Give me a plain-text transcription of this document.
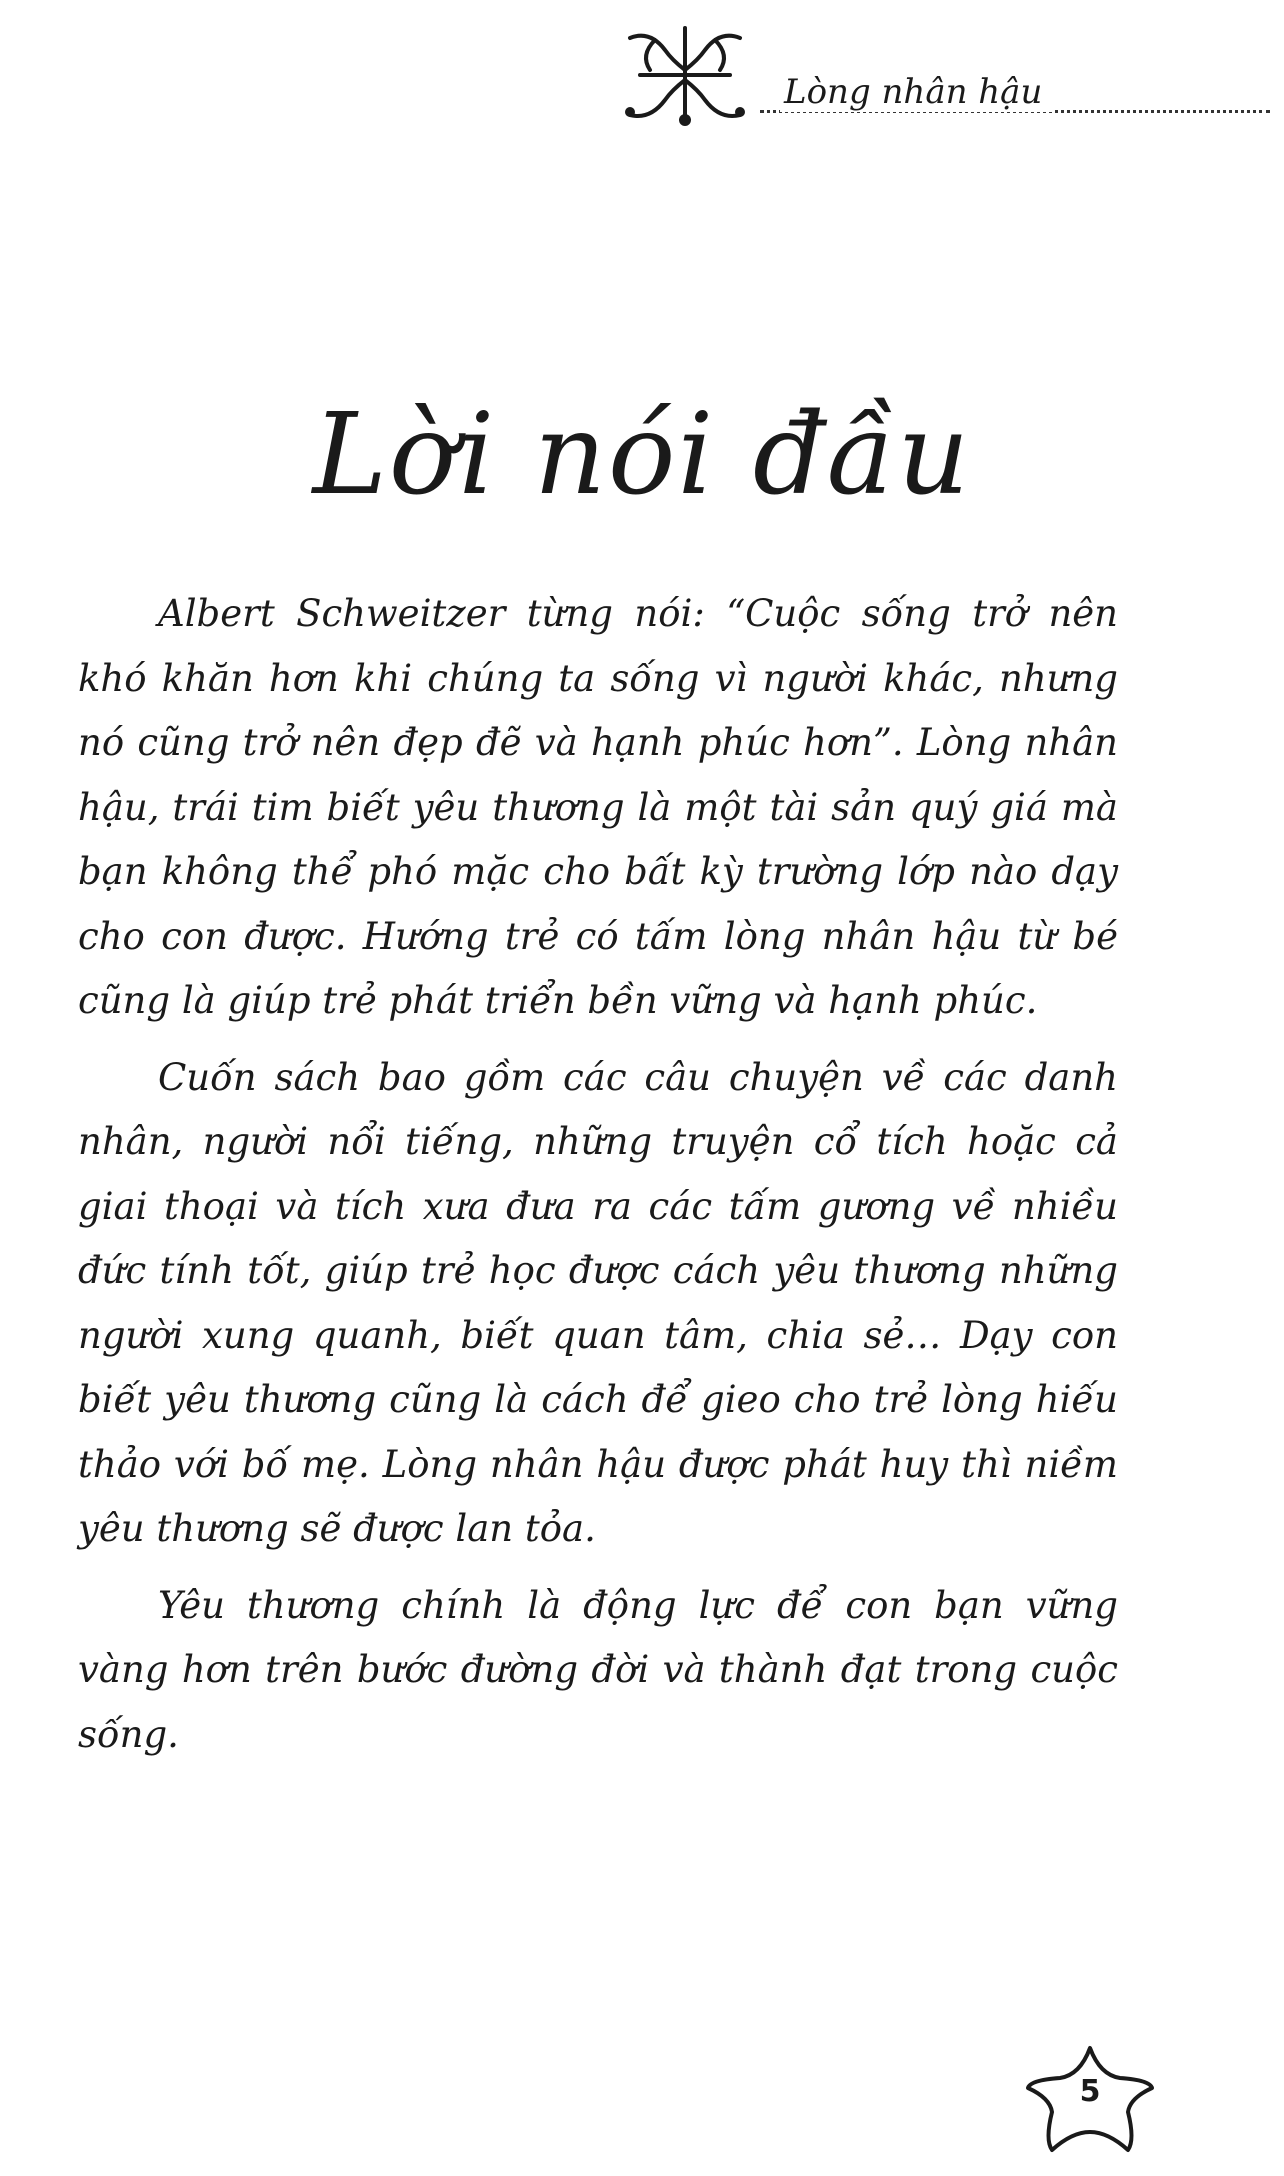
Lòng nhân hậu
Lời nói đầu

Albert Schweitzer từng nói: “Cuộc sống trở nên khó khăn hơn khi chúng ta sống vì người khác, nhưng nó cũng trở nên đẹp đẽ và hạnh phúc hơn”. Lòng nhân hậu, trái tim biết yêu thương là một tài sản quý giá mà bạn không thể phó mặc cho bất kỳ trường lớp nào dạy cho con được. Hướng trẻ có tấm lòng nhân hậu từ bé cũng là giúp trẻ phát triển bền vững và hạnh phúc.

Cuốn sách bao gồm các câu chuyện về các danh nhân, người nổi tiếng, những truyện cổ tích hoặc cả giai thoại và tích xưa đưa ra các tấm gương về nhiều đức tính tốt, giúp trẻ học được cách yêu thương những người xung quanh, biết quan tâm, chia sẻ… Dạy con biết yêu thương cũng là cách để gieo cho trẻ lòng hiếu thảo với bố mẹ. Lòng nhân hậu được phát huy thì niềm yêu thương sẽ được lan tỏa.

Yêu thương chính là động lực để con bạn vững vàng hơn trên bước đường đời và thành đạt trong cuộc sống.

5
